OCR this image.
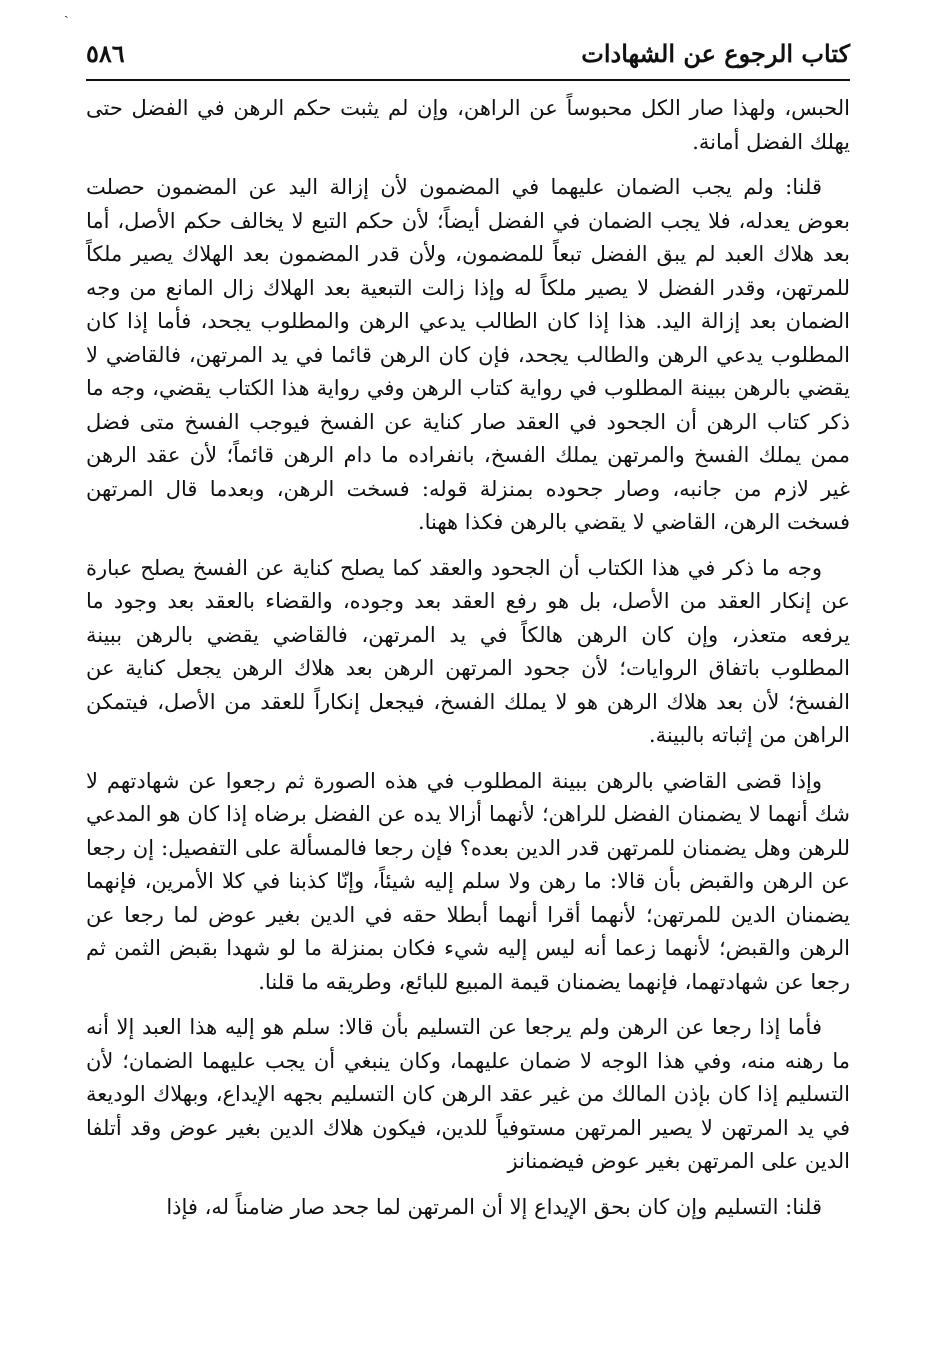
ˎ
كتاب الرجوع عن الشهادات
٥٨٦

الحبس، ولهذا صار الكل محبوساً عن الراهن، وإن لم يثبت حكم الرهن في الفضل حتى يهلك الفضل أمانة.

قلنا: ولم يجب الضمان عليهما في المضمون لأن إزالة اليد عن المضمون حصلت بعوض يعدله، فلا يجب الضمان في الفضل أيضاً؛ لأن حكم التبع لا يخالف حكم الأصل، أما بعد هلاك العبد لم يبق الفضل تبعاً للمضمون، ولأن قدر المضمون بعد الهلاك يصير ملكاً للمرتهن، وقدر الفضل لا يصير ملكاً له وإذا زالت التبعية بعد الهلاك زال المانع من وجه الضمان بعد إزالة اليد. هذا إذا كان الطالب يدعي الرهن والمطلوب يجحد، فأما إذا كان المطلوب يدعي الرهن والطالب يجحد، فإن كان الرهن قائما في يد المرتهن، فالقاضي لا يقضي بالرهن ببينة المطلوب في رواية كتاب الرهن وفي رواية هذا الكتاب يقضي، وجه ما ذكر كتاب الرهن أن الجحود في العقد صار كناية عن الفسخ فيوجب الفسخ متى فضل ممن يملك الفسخ والمرتهن يملك الفسخ، بانفراده ما دام الرهن قائماً؛ لأن عقد الرهن غير لازم من جانبه، وصار جحوده بمنزلة قوله: فسخت الرهن، وبعدما قال المرتهن فسخت الرهن، القاضي لا يقضي بالرهن فكذا ههنا.

وجه ما ذكر في هذا الكتاب أن الجحود والعقد كما يصلح كناية عن الفسخ يصلح عبارة عن إنكار العقد من الأصل، بل هو رفع العقد بعد وجوده، والقضاء بالعقد بعد وجود ما يرفعه متعذر، وإن كان الرهن هالكاً في يد المرتهن، فالقاضي يقضي بالرهن ببينة المطلوب باتفاق الروايات؛ لأن جحود المرتهن الرهن بعد هلاك الرهن يجعل كناية عن الفسخ؛ لأن بعد هلاك الرهن هو لا يملك الفسخ، فيجعل إنكاراً للعقد من الأصل، فيتمكن الراهن من إثباته بالبينة.

وإذا قضى القاضي بالرهن ببينة المطلوب في هذه الصورة ثم رجعوا عن شهادتهم لا شك أنهما لا يضمنان الفضل للراهن؛ لأنهما أزالا يده عن الفضل برضاه إذا كان هو المدعي للرهن وهل يضمنان للمرتهن قدر الدين بعده؟ فإن رجعا فالمسألة على التفصيل: إن رجعا عن الرهن والقبض بأن قالا: ما رهن ولا سلم إليه شيئاً، وإنّا كذبنا في كلا الأمرين، فإنهما يضمنان الدين للمرتهن؛ لأنهما أقرا أنهما أبطلا حقه في الدين بغير عوض لما رجعا عن الرهن والقبض؛ لأنهما زعما أنه ليس إليه شيء فكان بمنزلة ما لو شهدا بقبض الثمن ثم رجعا عن شهادتهما، فإنهما يضمنان قيمة المبيع للبائع، وطريقه ما قلنا.

فأما إذا رجعا عن الرهن ولم يرجعا عن التسليم بأن قالا: سلم هو إليه هذا العبد إلا أنه ما رهنه منه، وفي هذا الوجه لا ضمان عليهما، وكان ينبغي أن يجب عليهما الضمان؛ لأن التسليم إذا كان بإذن المالك من غير عقد الرهن كان التسليم بجهه الإيداع، وبهلاك الوديعة في يد المرتهن لا يصير المرتهن مستوفياً للدين، فيكون هلاك الدين بغير عوض وقد أتلفا الدين على المرتهن بغير عوض فيضمنانز

قلنا: التسليم وإن كان بحق الإيداع إلا أن المرتهن لما جحد صار ضامناً له، فإذا
